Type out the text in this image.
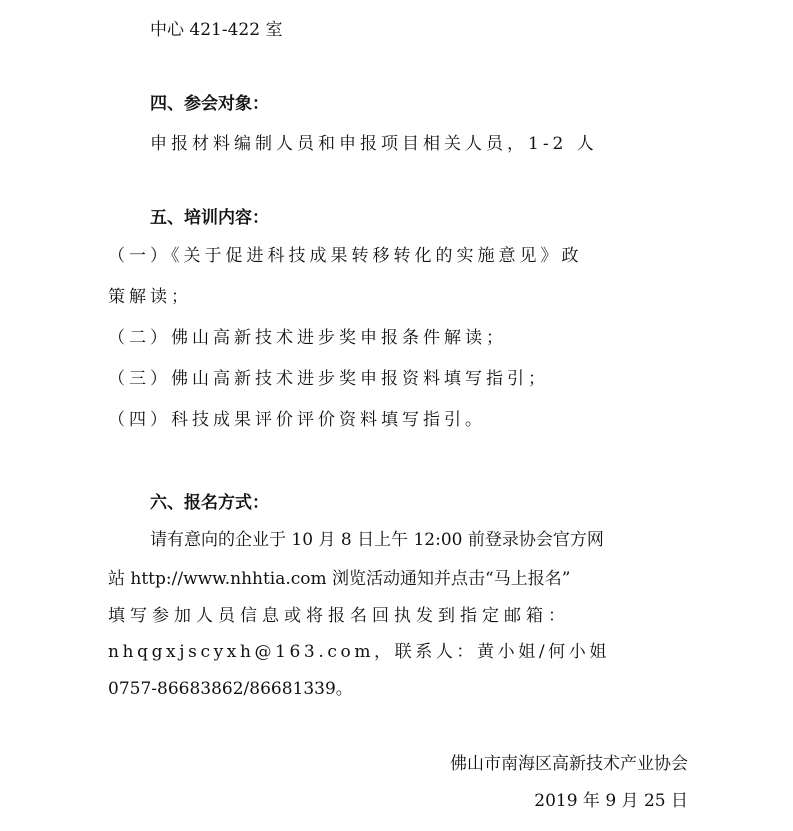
中心 421-422 室
四、参会对象：
申报材料编制人员和申报项目相关人员，1-2 人
五、培训内容：
（一）《关于促进科技成果转移转化的实施意见》政
策解读；
（二）佛山高新技术进步奖申报条件解读；
（三）佛山高新技术进步奖申报资料填写指引；
（四）科技成果评价评价资料填写指引。
六、报名方式：
请有意向的企业于 10 月 8 日上午 12:00 前登录协会官方网
站 http://www.nhhtia.com 浏览活动通知并点击“马上报名”
填写参加人员信息或将报名回执发到指定邮箱：
nhqgxjscyxh@163.com，联系人：黄小姐/何小姐
0757-86683862/86681339。
佛山市南海区高新技术产业协会
2019 年 9 月 25 日
